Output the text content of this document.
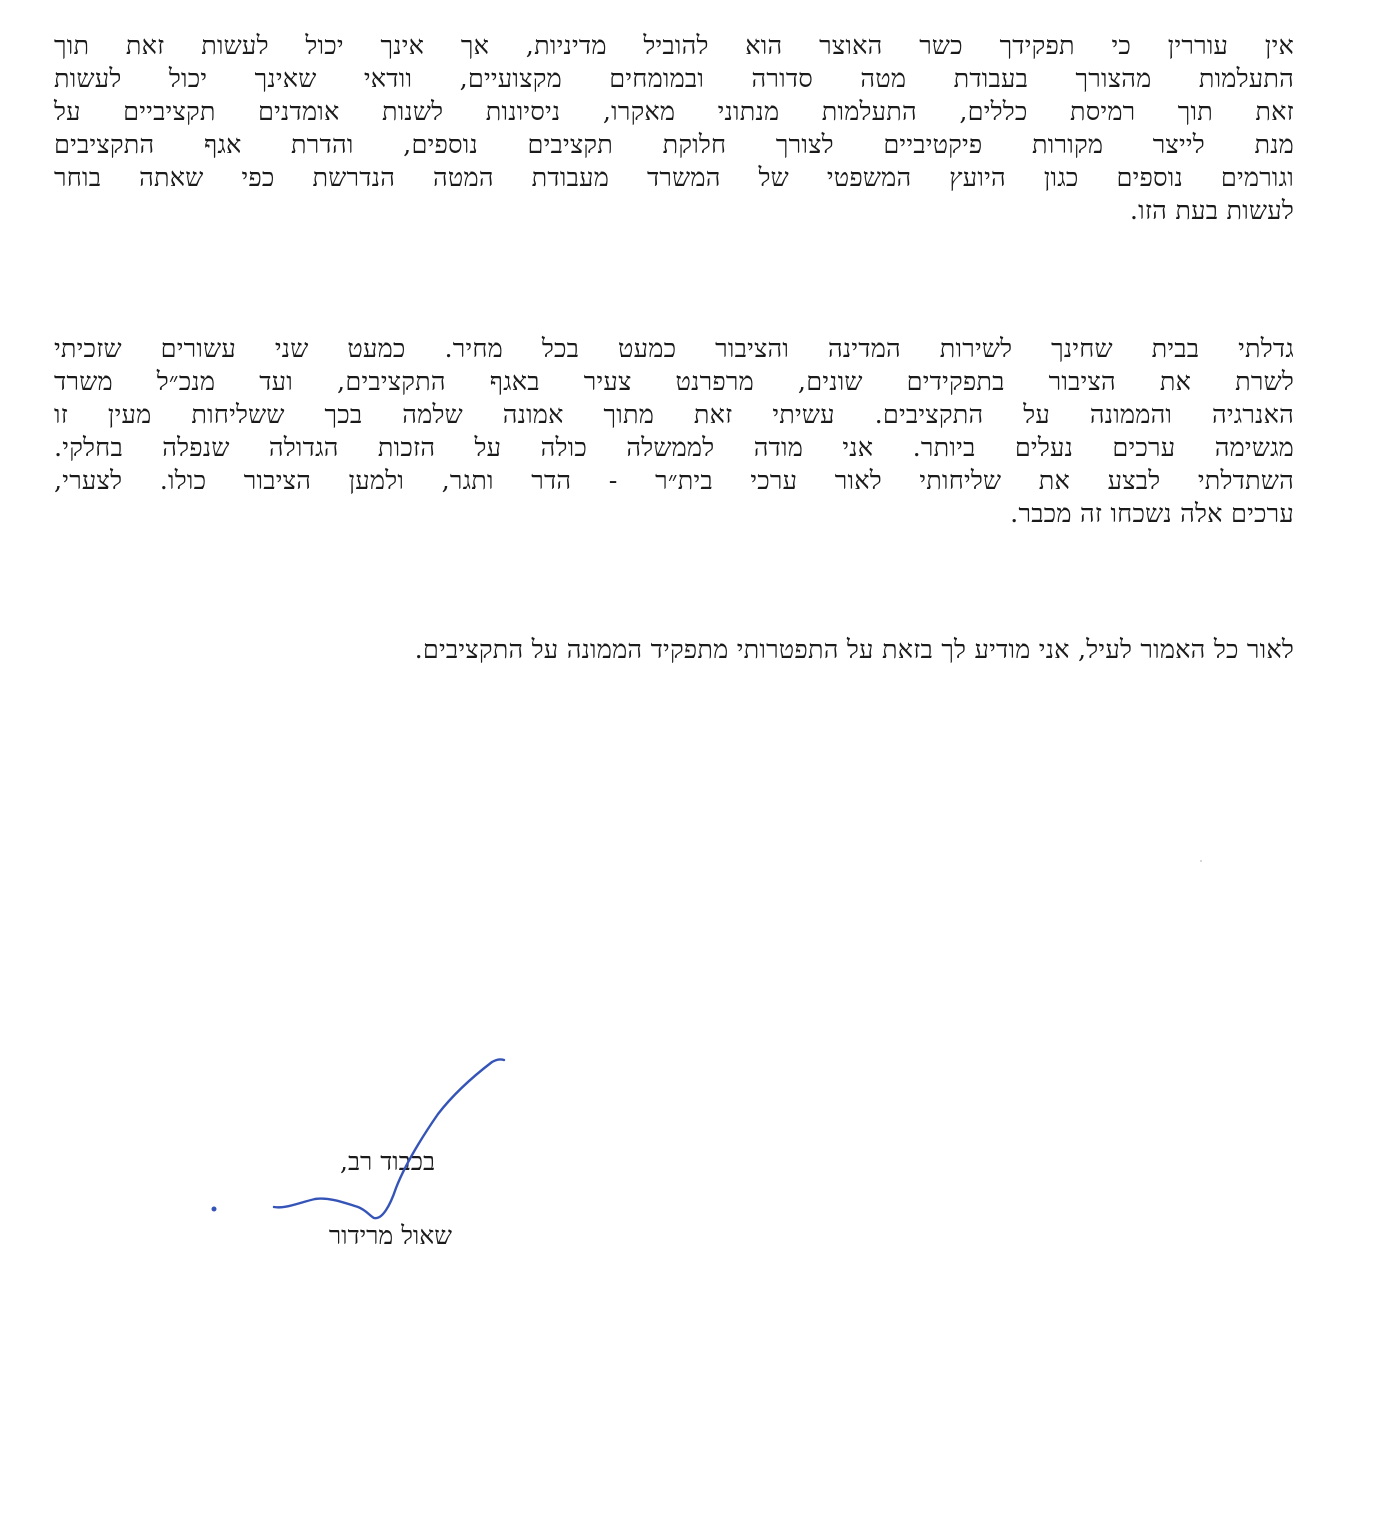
אין עוררין כי תפקידך כשר האוצר הוא להוביל מדיניות, אך אינך יכול לעשות זאת תוך
התעלמות מהצורך בעבודת מטה סדורה ובמומחים מקצועיים, וודאי שאינך יכול לעשות
זאת תוך רמיסת כללים, התעלמות מנתוני מאקרו, ניסיונות לשנות אומדנים תקציביים על
מנת לייצר מקורות פיקטיביים לצורך חלוקת תקציבים נוספים, והדרת אגף התקציבים
וגורמים נוספים כגון היועץ המשפטי של המשרד מעבודת המטה הנדרשת כפי שאתה בוחר
לעשות בעת הזו.
גדלתי בבית שחינך לשירות המדינה והציבור כמעט בכל מחיר. כמעט שני עשורים שזכיתי
לשרת את הציבור בתפקידים שונים, מרפרנט צעיר באגף התקציבים, ועד מנכ״ל משרד
האנרגיה והממונה על התקציבים. עשיתי זאת מתוך אמונה שלמה בכך ששליחות מעין זו
מגשימה ערכים נעלים ביותר. אני מודה לממשלה כולה על הזכות הגדולה שנפלה בחלקי.
השתדלתי לבצע את שליחותי לאור ערכי בית״ר - הדר ותגר, ולמען הציבור כולו. לצערי,
ערכים אלה נשכחו זה מכבר.
לאור כל האמור לעיל, אני מודיע לך בזאת על התפטרותי מתפקיד הממונה על התקציבים.
בכבוד רב,
שאול מרידור
